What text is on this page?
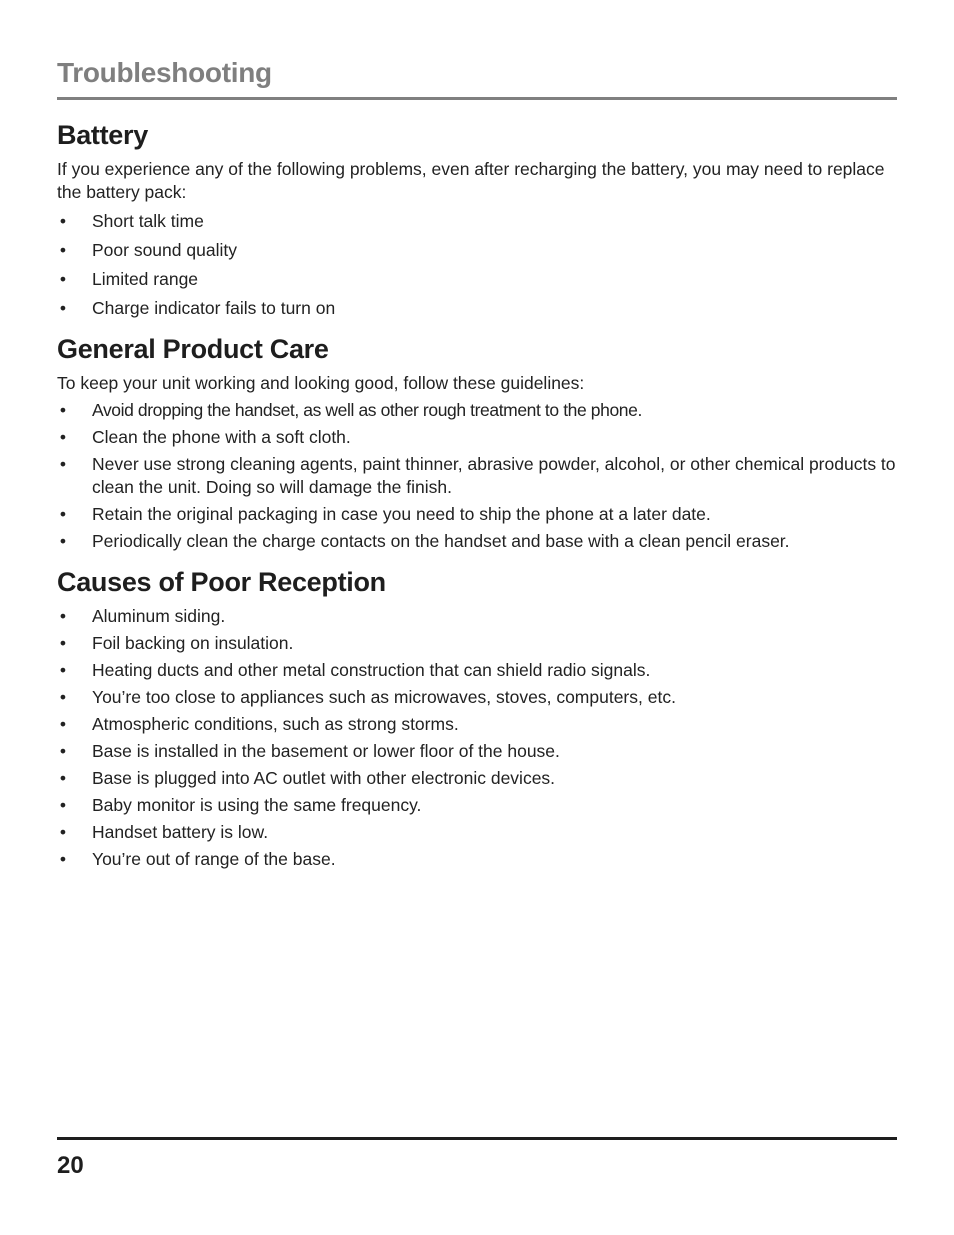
Troubleshooting
Battery

If you experience any of the following problems, even after recharging the battery, you may need to replace the battery pack:

• Short talk time
• Poor sound quality
• Limited range
• Charge indicator fails to turn on
General Product Care

To keep your unit working and looking good, follow these guidelines:

• Avoid dropping the handset, as well as other rough treatment to the phone.
• Clean the phone with a soft cloth.
• Never use strong cleaning agents, paint thinner, abrasive powder, alcohol, or other chemical products to clean the unit. Doing so will damage the finish.
• Retain the original packaging in case you need to ship the phone at a later date.
• Periodically clean the charge contacts on the handset and base with a clean pencil eraser.
Causes of Poor Reception
• Aluminum siding.
• Foil backing on insulation.
• Heating ducts and other metal construction that can shield radio signals.
• You’re too close to appliances such as microwaves, stoves, computers, etc.
• Atmospheric conditions, such as strong storms.
• Base is installed in the basement or lower floor of the house.
• Base is plugged into AC outlet with other electronic devices.
• Baby monitor is using the same frequency.
• Handset battery is low.
• You’re out of range of the base.
20
